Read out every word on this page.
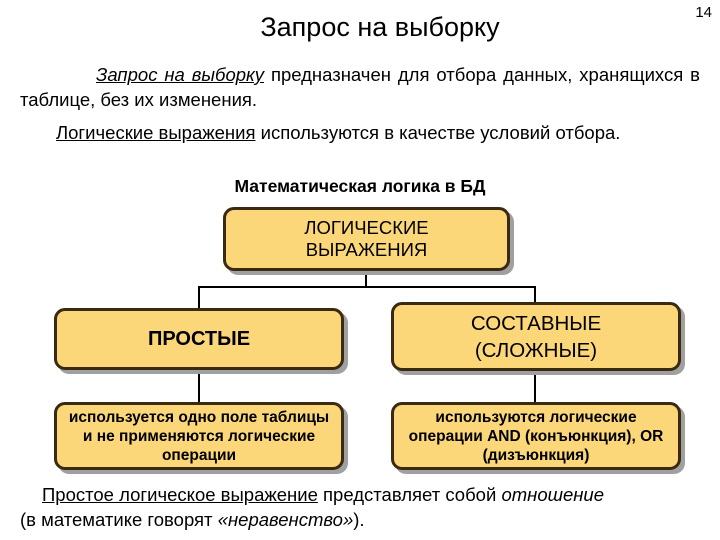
14
Запрос на выборку
Запрос на выборку предназначен для отбора данных, хранящихся в таблице, без их изменения.
Логические выражения используются в качестве условий отбора.
Математическая логика в БД
ЛОГИЧЕСКИЕ
ВЫРАЖЕНИЯ
ПРОСТЫЕ
СОСТАВНЫЕ
(СЛОЖНЫЕ)
используется одно поле таблицы и не применяются логические операции
используются логические операции AND (конъюнкция), OR (дизъюнкция)
Простое логическое выражение представляет собой отношение
(в математике говорят «неравенство»).
